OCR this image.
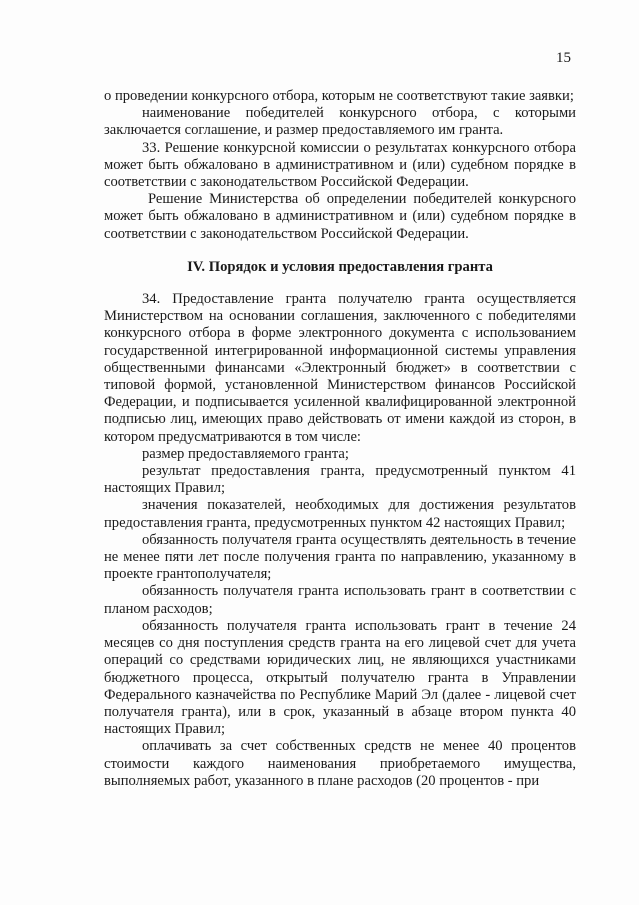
15

о проведении конкурсного отбора, которым не соответствуют такие заявки;

наименование победителей конкурсного отбора, с которыми заключается соглашение, и размер предоставляемого им гранта.

33. Решение конкурсной комиссии о результатах конкурсного отбора может быть обжаловано в административном и (или) судебном порядке в соответствии с законодательством Российской Федерации.

Решение Министерства об определении победителей конкурсного может быть обжаловано в административном и (или) судебном порядке в соответствии с законодательством Российской Федерации.

IV. Порядок и условия предоставления гранта

34. Предоставление гранта получателю гранта осуществляется Министерством на основании соглашения, заключенного с победителями конкурсного отбора в форме электронного документа с использованием государственной интегрированной информационной системы управления общественными финансами «Электронный бюджет» в соответствии с типовой формой, установленной Министерством финансов Российской Федерации, и подписывается усиленной квалифицированной электронной подписью лиц, имеющих право действовать от имени каждой из сторон, в котором предусматриваются в том числе:

размер предоставляемого гранта;

результат предоставления гранта, предусмотренный пунктом 41 настоящих Правил;

значения показателей, необходимых для достижения результатов предоставления гранта, предусмотренных пунктом 42 настоящих Правил;

обязанность получателя гранта осуществлять деятельность в течение не менее пяти лет после получения гранта по направлению, указанному в проекте грантополучателя;

обязанность получателя гранта использовать грант в соответствии с планом расходов;

обязанность получателя гранта использовать грант в течение 24 месяцев со дня поступления средств гранта на его лицевой счет для учета операций со средствами юридических лиц, не являющихся участниками бюджетного процесса, открытый получателю гранта в Управлении Федерального казначейства по Республике Марий Эл (далее - лицевой счет получателя гранта), или в срок, указанный в абзаце втором пункта 40 настоящих Правил;

оплачивать за счет собственных средств не менее 40 процентов стоимости каждого наименования приобретаемого имущества, выполняемых работ, указанного в плане расходов (20 процентов - при
